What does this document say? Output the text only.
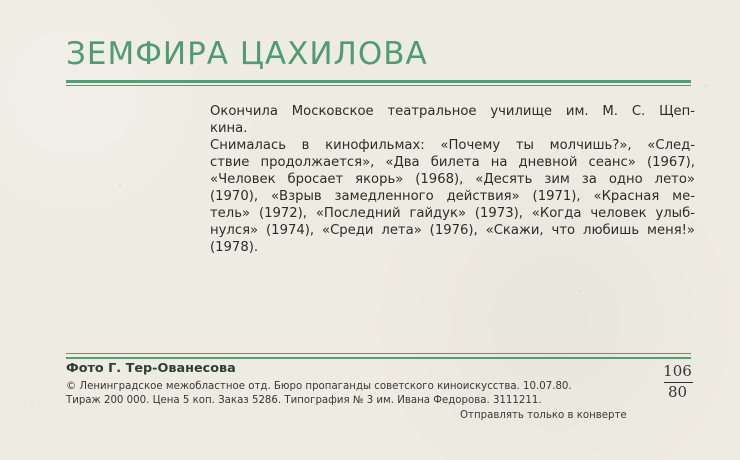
ЗЕМФИРА ЦАХИЛОВА
Окончила Московское театральное училище им. М. С. Щеп-
кина.
Снималась в кинофильмах: «Почему ты молчишь?», «След-
ствие продолжается», «Два билета на дневной сеанс» (1967),
«Человек бросает якорь» (1968), «Десять зим за одно лето»
(1970), «Взрыв замедленного действия» (1971), «Красная ме-
тель» (1972), «Последний гайдук» (1973), «Когда человек улыб-
нулся» (1974), «Среди лета» (1976), «Скажи, что любишь меня!»
(1978).
Фото Г. Тер-Ованесова
© Ленинградское межобластное отд. Бюро пропаганды советского киноискусства. 10.07.80.
Тираж 200 000. Цена 5 коп. Заказ 5286. Типография № 3 им. Ивана Федорова. 3111211.
Отправлять только в конверте
106
80
